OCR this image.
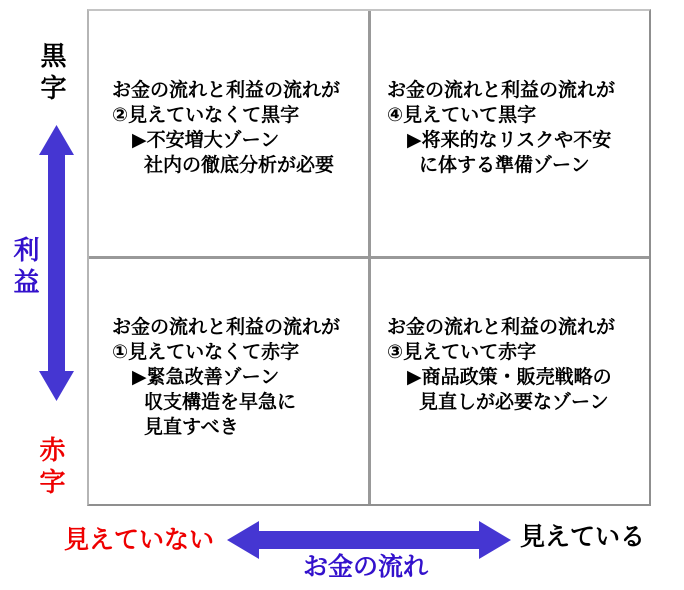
お金の流れと利益の流れが
②見えていなくて黒字
▶不安増大ゾーン
社内の徹底分析が必要
お金の流れと利益の流れが
④見えていて黒字
▶将来的なリスクや不安
に体する準備ゾーン
お金の流れと利益の流れが
①見えていなくて赤字
▶緊急改善ゾーン
収支構造を早急に
見直すべき
お金の流れと利益の流れが
③見えていて赤字
▶商品政策・販売戦略の
見直しが必要なゾーン
黒字
利益
赤字
見えていない	見えている
お金の流れ
